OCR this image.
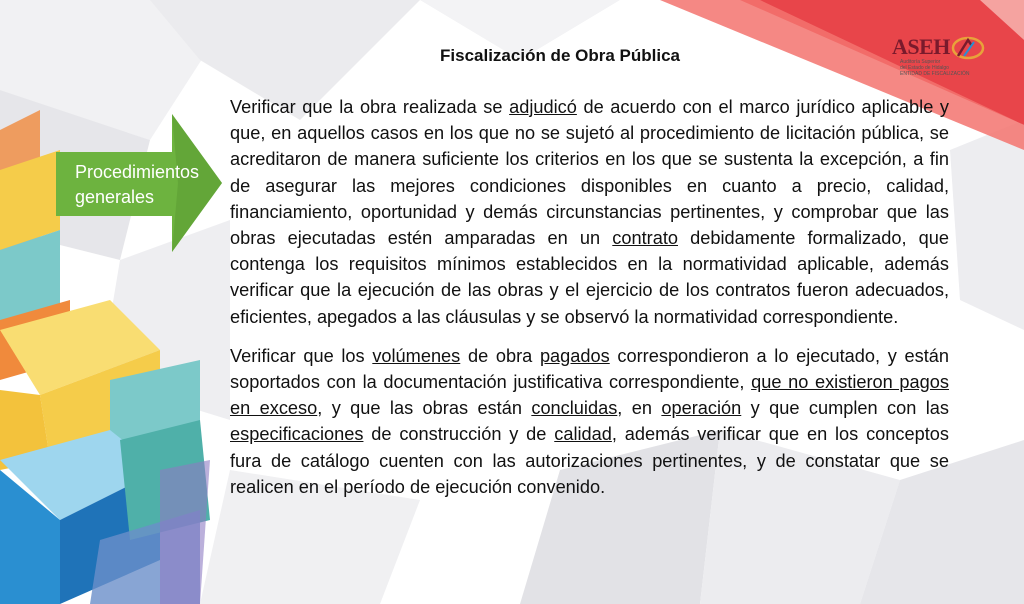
Procedimientos
generales
ASEH
Auditoría Superior
del Estado de Hidalgo
ENTIDAD DE FISCALIZACIÓN
Fiscalización de Obra Pública

Verificar que la obra realizada se adjudicó de acuerdo con el marco jurídico aplicable y que, en aquellos casos en los que no se sujetó al procedimiento de licitación pública, se acreditaron de manera suficiente los criterios en los que se sustenta la excepción, a fin de asegurar las mejores condiciones disponibles en cuanto a precio, calidad, financiamiento, oportunidad y demás circunstancias pertinentes, y comprobar que las obras ejecutadas estén amparadas en un contrato debidamente formalizado, que contenga los requisitos mínimos establecidos en la normatividad aplicable, además verificar que la ejecución de las obras y el ejercicio de los contratos fueron adecuados, eficientes, apegados a las cláusulas y se observó la normatividad correspondiente.

Verificar que los volúmenes de obra pagados correspondieron a lo ejecutado, y están soportados con la documentación justificativa correspondiente, que no existieron pagos en exceso, y que las obras están concluidas, en operación y que cumplen con las especificaciones de construcción y de calidad, además verificar que en los conceptos fura de catálogo cuenten con las autorizaciones pertinentes, y de constatar que se realicen en el período de ejecución convenido.
